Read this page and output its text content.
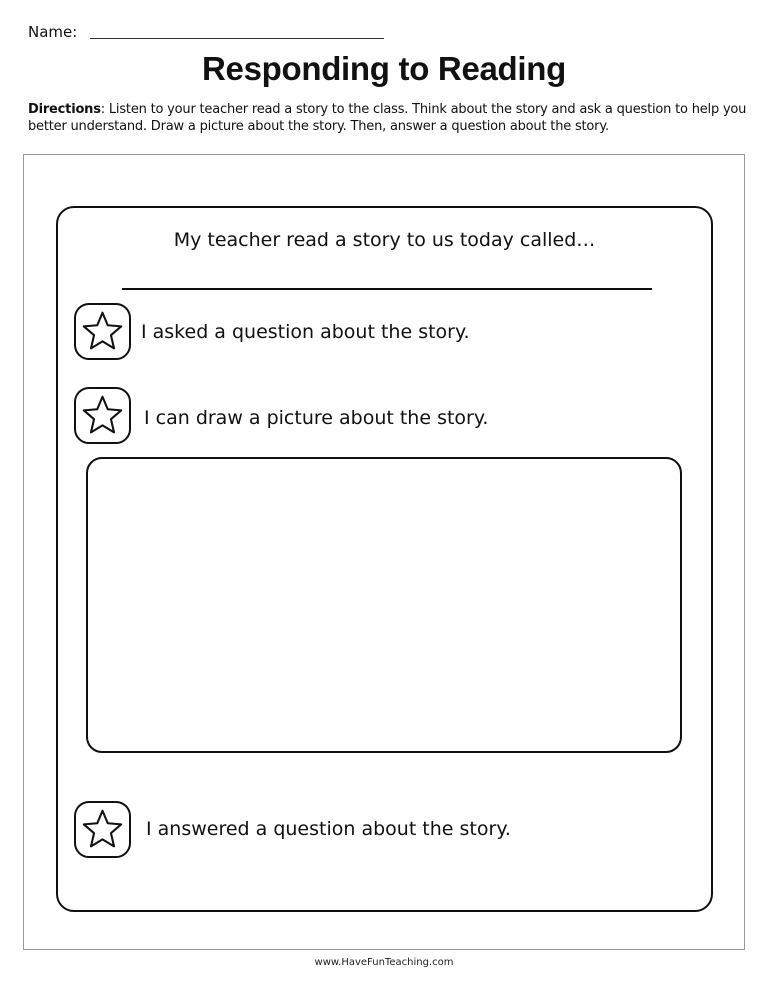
Name:
Responding to Reading
Directions: Listen to your teacher read a story to the class. Think about the story and ask a question to help you better understand. Draw a picture about the story. Then, answer a question about the story.
My teacher read a story to us today called…
I asked a question about the story.
I can draw a picture about the story.
I answered a question about the story.
www.HaveFunTeaching.com
